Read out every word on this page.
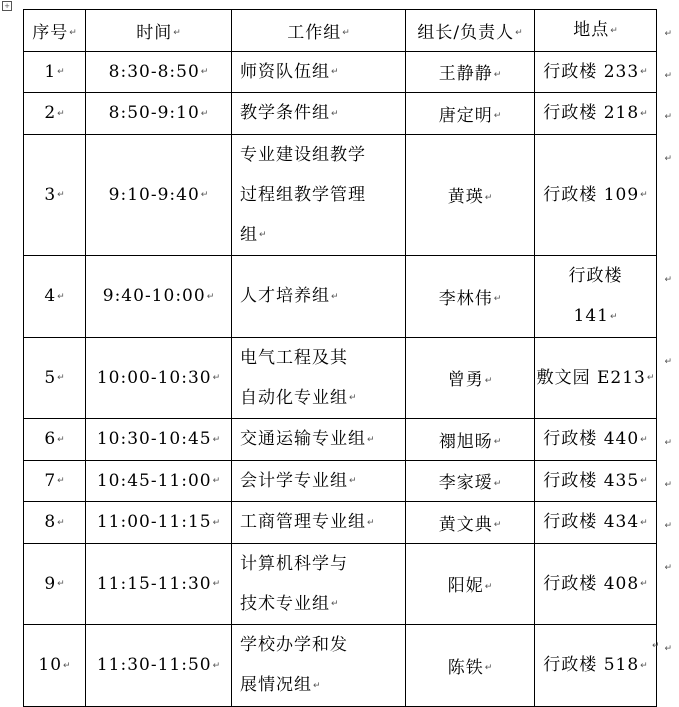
+
序号↵	时间↵	工作组↵	组长/负责人↵	地点↵ ↵

1↵	8:30-8:50↵	师资队伍组↵	王静静↵	行政楼 233↵ ↵

2↵	8:50-9:10↵	教学条件组↵	唐定明↵	行政楼 218↵ ↵

3↵	9:10-9:40↵	专业建设组教学
过程组教学管理
组↵	黄瑛↵	行政楼 109↵
↵

4↵	9:40-10:00↵	人才培养组↵	李林伟↵	行政楼
141↵
↵

5↵	10:00-10:30↵	电气工程及其
自动化专业组↵	曾勇↵	敷文园 E213↵
↵

6↵	10:30-10:45↵	交通运输专业组↵	禤旭旸↵	行政楼 440↵ ↵

7↵	10:45-11:00↵	会计学专业组↵	李家瑷↵	行政楼 435↵ ↵

8↵	11:00-11:15↵	工商管理专业组↵	黄文典↵	行政楼 434↵ ↵

9↵	11:15-11:30↵	计算机科学与
技术专业组↵	阳妮↵	行政楼 408↵
↵

10↵	11:30-11:50↵	学校办学和发
展情况组↵	陈铁↵	行政楼 518↵
↵
↵
